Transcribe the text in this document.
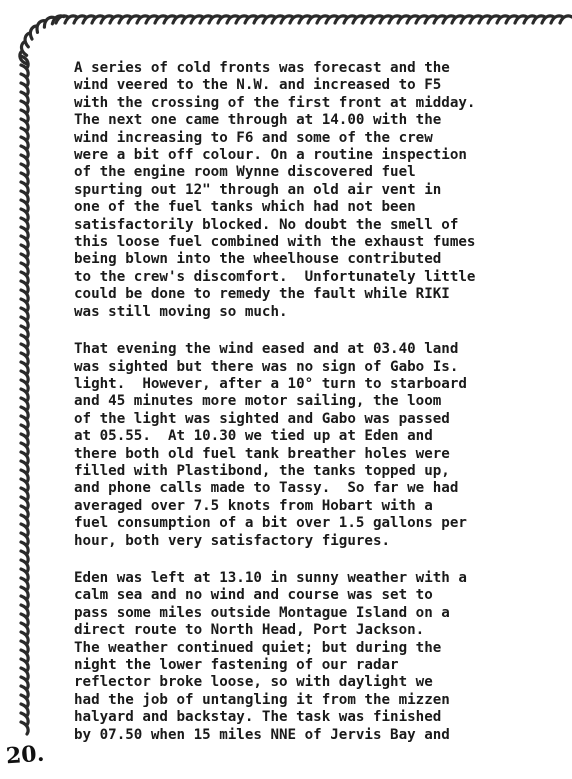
A series of cold fronts was forecast and the
wind veered to the N.W. and increased to F5
with the crossing of the first front at midday.
The next one came through at 14.00 with the
wind increasing to F6 and some of the crew
were a bit off colour. On a routine inspection
of the engine room Wynne discovered fuel
spurting out 12" through an old air vent in
one of the fuel tanks which had not been
satisfactorily blocked. No doubt the smell of
this loose fuel combined with the exhaust fumes
being blown into the wheelhouse contributed
to the crew's discomfort.  Unfortunately little
could be done to remedy the fault while RIKI
was still moving so much.
That evening the wind eased and at 03.40 land
was sighted but there was no sign of Gabo Is.
light.  However, after a 10° turn to starboard
and 45 minutes more motor sailing, the loom
of the light was sighted and Gabo was passed
at 05.55.  At 10.30 we tied up at Eden and
there both old fuel tank breather holes were
filled with Plastibond, the tanks topped up,
and phone calls made to Tassy.  So far we had
averaged over 7.5 knots from Hobart with a
fuel consumption of a bit over 1.5 gallons per
hour, both very satisfactory figures.
Eden was left at 13.10 in sunny weather with a
calm sea and no wind and course was set to
pass some miles outside Montague Island on a
direct route to North Head, Port Jackson.
The weather continued quiet; but during the
night the lower fastening of our radar
reflector broke loose, so with daylight we
had the job of untangling it from the mizzen
halyard and backstay. The task was finished
by 07.50 when 15 miles NNE of Jervis Bay and
20.
